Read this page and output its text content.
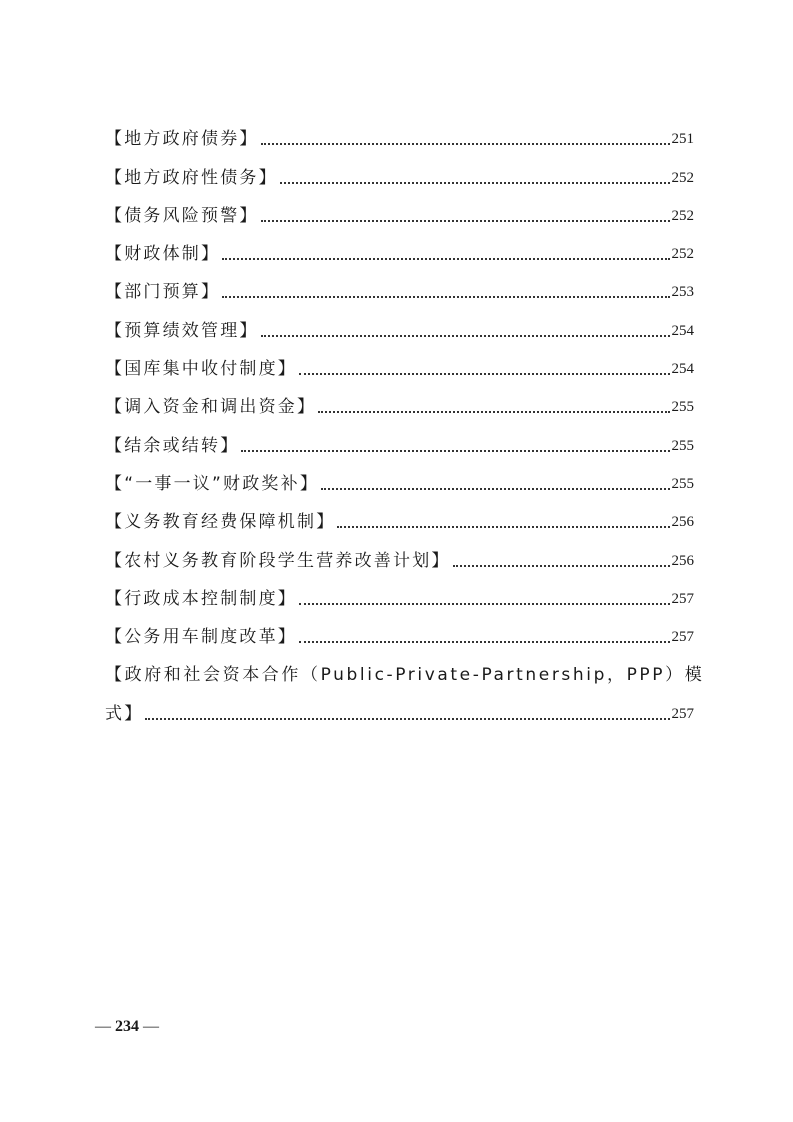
【地方政府债券】	251
【地方政府性债务】	252
【债务风险预警】	252
【财政体制】	252
【部门预算】	253
【预算绩效管理】	254
【国库集中收付制度】	254
【调入资金和调出资金】	255
【结余或结转】	255
【“一事一议”财政奖补】	255
【义务教育经费保障机制】	256
【农村义务教育阶段学生营养改善计划】	256
【行政成本控制制度】	257
【公务用车制度改革】	257
【政府和社会资本合作（Public-Private-Partnership，PPP）模
式】	257
— 234 —
